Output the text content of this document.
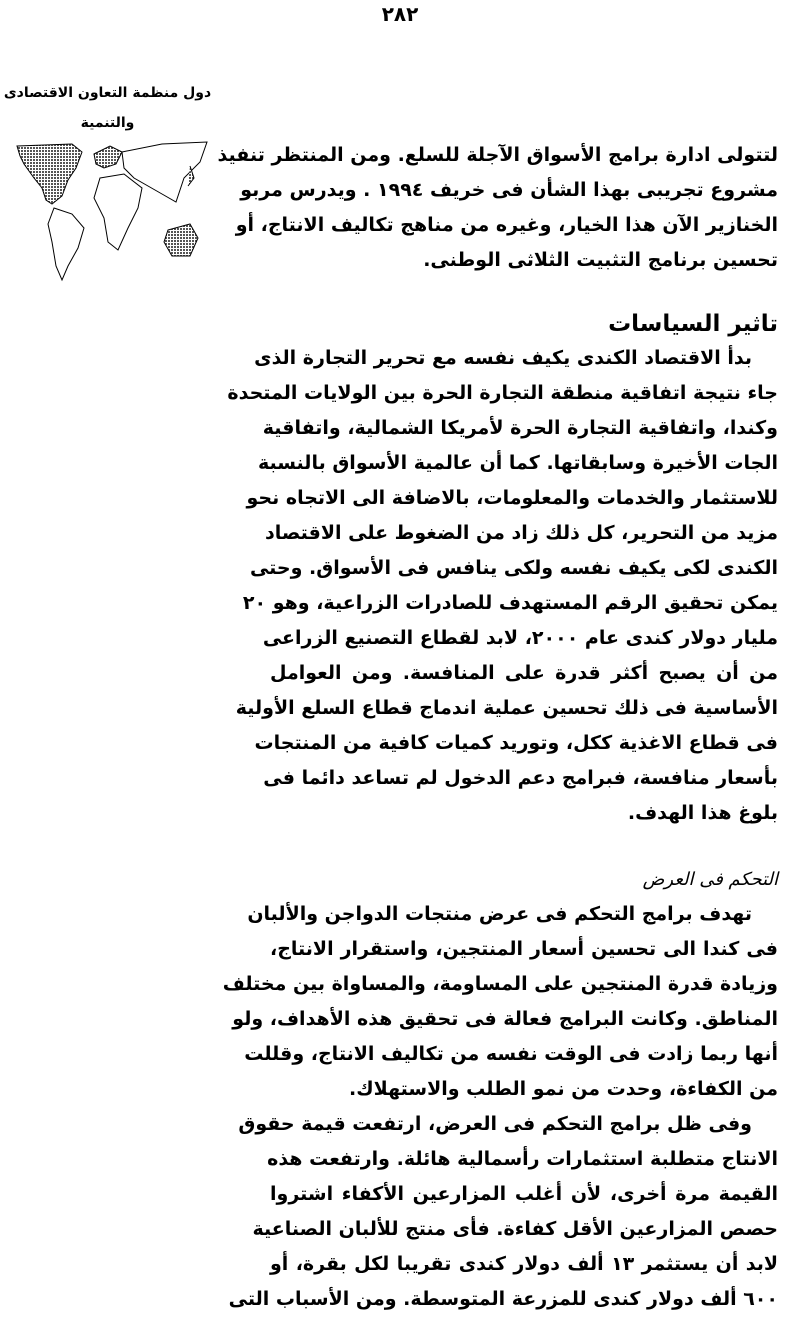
٢٨٢
دول منظمة التعاون الاقتصادى
والتنمية
لتتولى ادارة برامج الأسواق الآجلة للسلع. ومن المنتظر تنفيذ
مشروع تجريبى بهذا الشأن فى خريف ١٩٩٤ . ويدرس مربو
الخنازير الآن هذا الخيار، وغيره من مناهج تكاليف الانتاج، أو
تحسين برنامج التثبيت الثلاثى الوطنى.
تاثير السياسات
بدأ الاقتصاد الكندى يكيف نفسه مع تحرير التجارة الذى
جاء نتيجة اتفاقية منطقة التجارة الحرة بين الولايات المتحدة
وكندا، واتفاقية التجارة الحرة لأمريكا الشمالية، واتفاقية
الجات الأخيرة وسابقاتها. كما أن عالمية الأسواق بالنسبة
للاستثمار والخدمات والمعلومات، بالاضافة الى الاتجاه نحو
مزيد من التحرير، كل ذلك زاد من الضغوط على الاقتصاد
الكندى لكى يكيف نفسه ولكى ينافس فى الأسواق. وحتى
يمكن تحقيق الرقم المستهدف للصادرات الزراعية، وهو ٢٠
مليار دولار كندى عام ٢٠٠٠، لابد لقطاع التصنيع الزراعى
من أن يصبح أكثر قدرة على المنافسة. ومن العوامل
الأساسية فى ذلك تحسين عملية اندماج قطاع السلع الأولية
فى قطاع الاغذية ككل، وتوريد كميات كافية من المنتجات
بأسعار منافسة، فبرامج دعم الدخول لم تساعد دائما فى
بلوغ هذا الهدف.
التحكم فى العرض
تهدف برامج التحكم فى عرض منتجات الدواجن والألبان
فى كندا الى تحسين أسعار المنتجين، واستقرار الانتاج،
وزيادة قدرة المنتجين على المساومة، والمساواة بين مختلف
المناطق. وكانت البرامج فعالة فى تحقيق هذه الأهداف، ولو
أنها ربما زادت فى الوقت نفسه من تكاليف الانتاج، وقللت
من الكفاءة، وحدت من نمو الطلب والاستهلاك.
وفى ظل برامج التحكم فى العرض، ارتفعت قيمة حقوق
الانتاج متطلبة استثمارات رأسمالية هائلة. وارتفعت هذه
القيمة مرة أخرى، لأن أغلب المزارعين الأكفاء اشتروا
حصص المزارعين الأقل كفاءة. فأى منتج للألبان الصناعية
لابد أن يستثمر ١٣ ألف دولار كندى تقريبا لكل بقرة، أو
٦٠٠ ألف دولار كندى للمزرعة المتوسطة. ومن الأسباب التى
